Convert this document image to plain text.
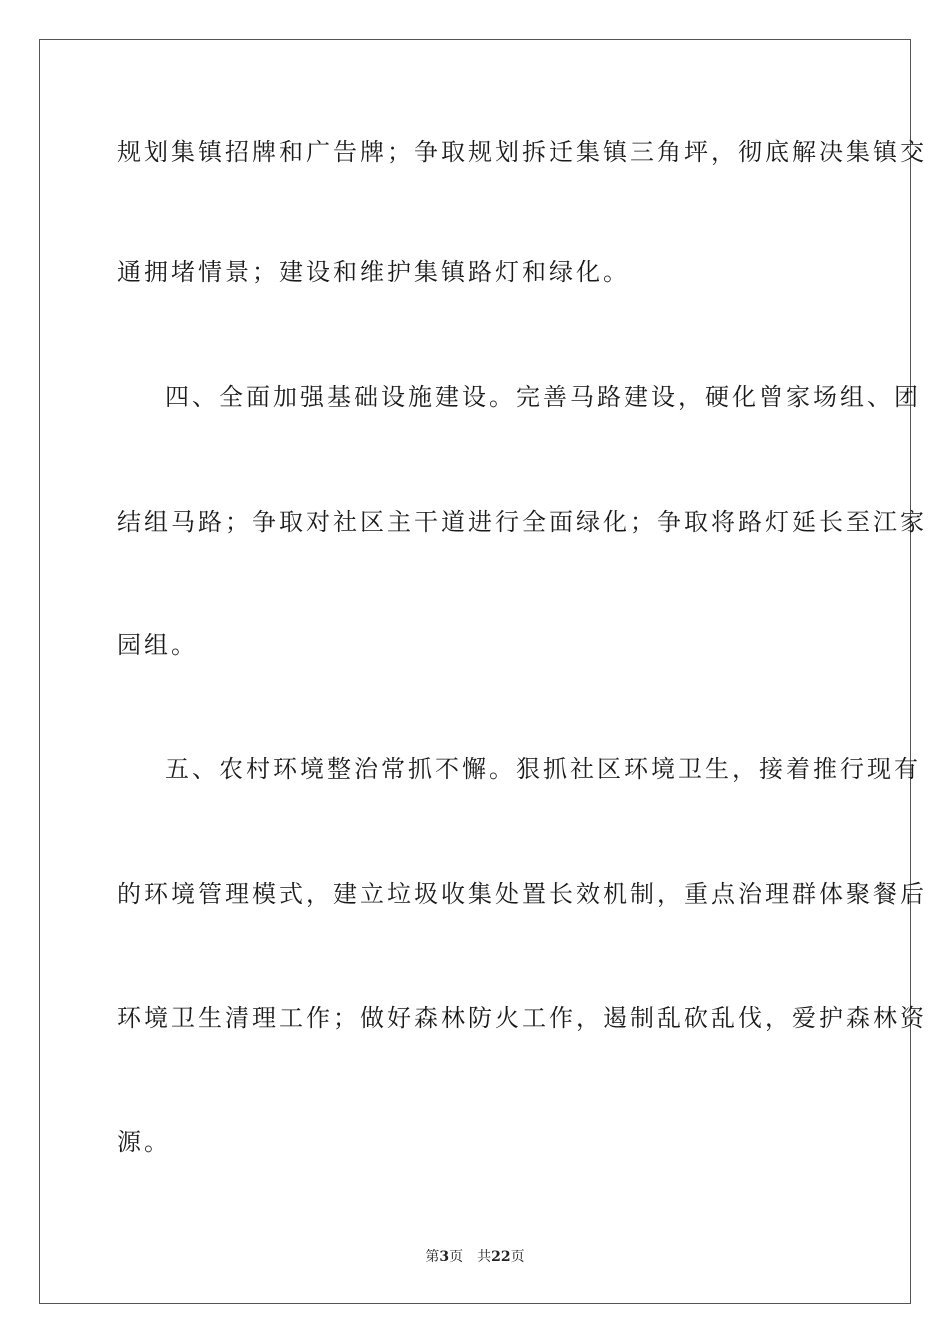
规划集镇招牌和广告牌；争取规划拆迁集镇三角坪，彻底解决集镇交
通拥堵情景；建设和维护集镇路灯和绿化。
四、全面加强基础设施建设。完善马路建设，硬化曾家场组、团
结组马路；争取对社区主干道进行全面绿化；争取将路灯延长至江家
园组。
五、农村环境整治常抓不懈。狠抓社区环境卫生，接着推行现有
的环境管理模式，建立垃圾收集处置长效机制，重点治理群体聚餐后
环境卫生清理工作；做好森林防火工作，遏制乱砍乱伐，爱护森林资
源。
第3页 共22页
